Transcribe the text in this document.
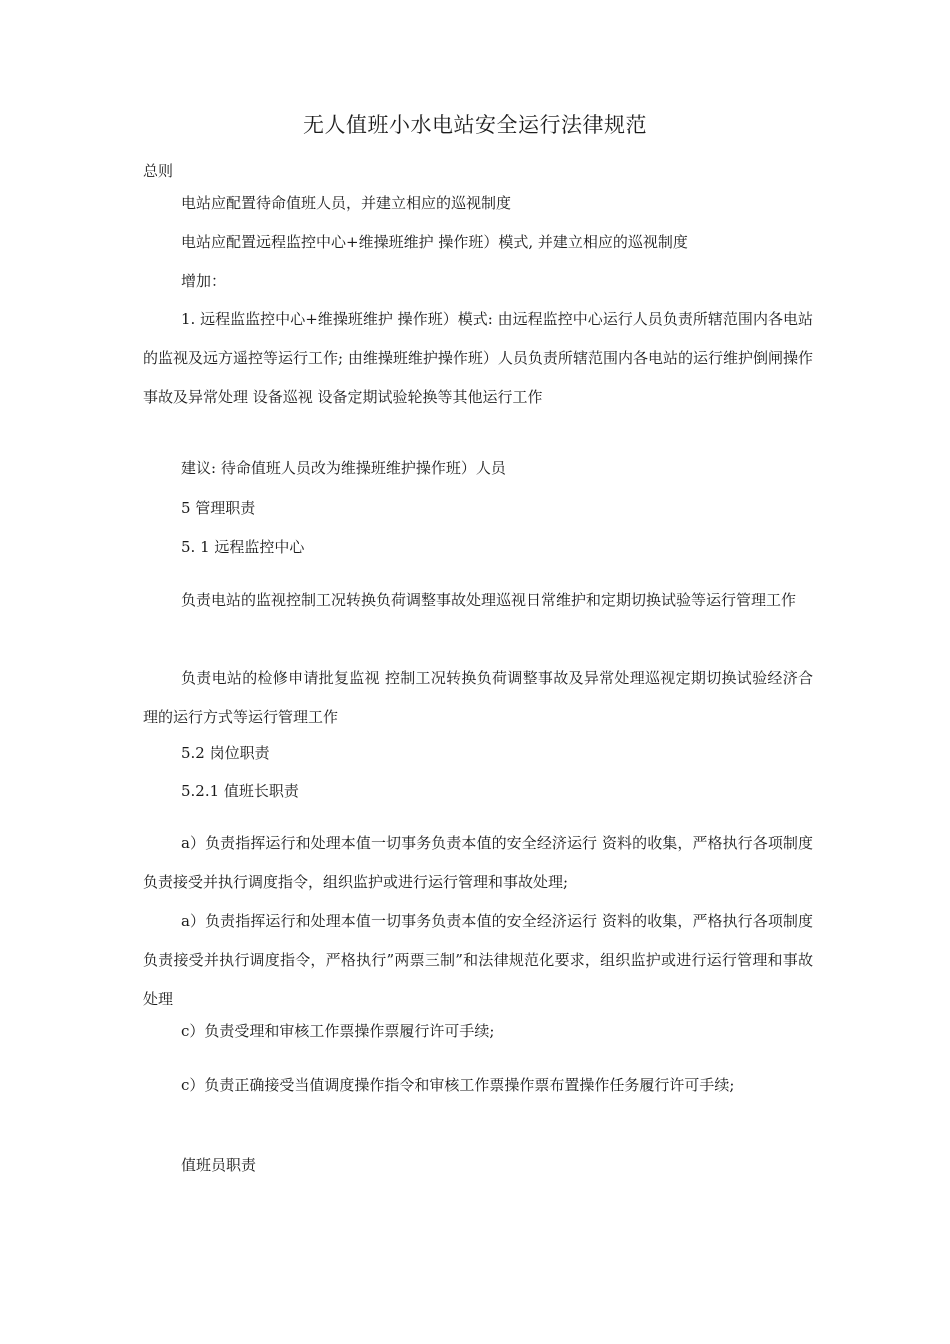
无人值班小水电站安全运行法律规范
总则
电站应配置待命值班人员，并建立相应的巡视制度
电站应配置远程监控中心+维操班维护 操作班）模式, 并建立相应的巡视制度
增加：

1. 远程监监控中心+维操班维护 操作班）模式: 由远程监控中心运行人员负责所辖范围内各电站的监视及远方遥控等运行工作; 由维操班维护操作班）人员负责所辖范围内各电站的运行维护倒闸操作 事故及异常处理 设备巡视 设备定期试验轮换等其他运行工作

建议: 待命值班人员改为维操班维护操作班）人员
5 管理职责
5. 1 远程监控中心

负责电站的监视控制工况转换负荷调整事故处理巡视日常维护和定期切换试验等运行管理工作

负责电站的检修申请批复监视 控制工况转换负荷调整事故及异常处理巡视定期切换试验经济合理的运行方式等运行管理工作

5.2 岗位职责
5.2.1 值班长职责

a）负责指挥运行和处理本值一切事务负责本值的安全经济运行 资料的收集，严格执行各项制度负责接受并执行调度指令，组织监护或进行运行管理和事故处理;

a）负责指挥运行和处理本值一切事务负责本值的安全经济运行 资料的收集，严格执行各项制度负责接受并执行调度指令，严格执行”两票三制”和法律规范化要求，组织监护或进行运行管理和事故处理

c）负责受理和审核工作票操作票履行许可手续;

c）负责正确接受当值调度操作指令和审核工作票操作票布置操作任务履行许可手续;

值班员职责
